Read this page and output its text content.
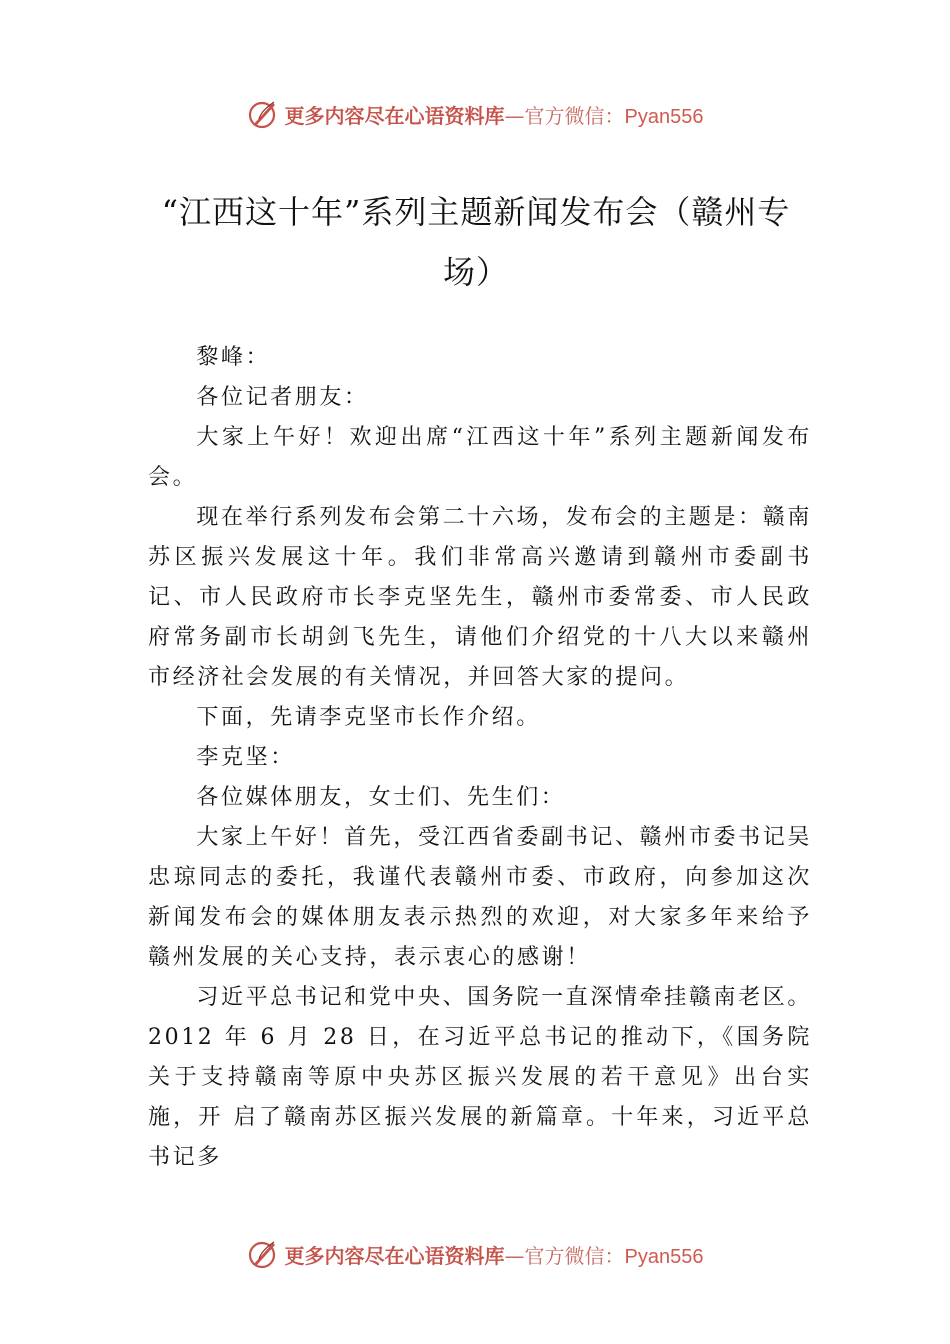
更多内容尽在心语资料库—官方微信：Pyan556
“江西这十年”系列主题新闻发布会（赣州专场）

黎峰：

各位记者朋友：

大家上午好！欢迎出席“江西这十年”系列主题新闻发布会。

现在举行系列发布会第二十六场，发布会的主题是：赣南苏区振兴发展这十年。我们非常高兴邀请到赣州市委副书记、市人民政府市长李克坚先生，赣州市委常委、市人民政府常务副市长胡剑飞先生，请他们介绍党的十八大以来赣州市经济社会发展的有关情况，并回答大家的提问。

下面，先请李克坚市长作介绍。

李克坚：

各位媒体朋友，女士们、先生们：

大家上午好！首先，受江西省委副书记、赣州市委书记吴忠琼同志的委托，我谨代表赣州市委、市政府，向参加这次新闻发布会的媒体朋友表示热烈的欢迎，对大家多年来给予赣州发展的关心支持，表示衷心的感谢！

习近平总书记和党中央、国务院一直深情牵挂赣南老区。2012 年 6 月 28 日，在习近平总书记的推动下，《国务院关于支持赣南等原中央苏区振兴发展的若干意见》出台实施，开 启了赣南苏区振兴发展的新篇章。十年来，习近平总书记多

更多内容尽在心语资料库—官方微信：Pyan556
